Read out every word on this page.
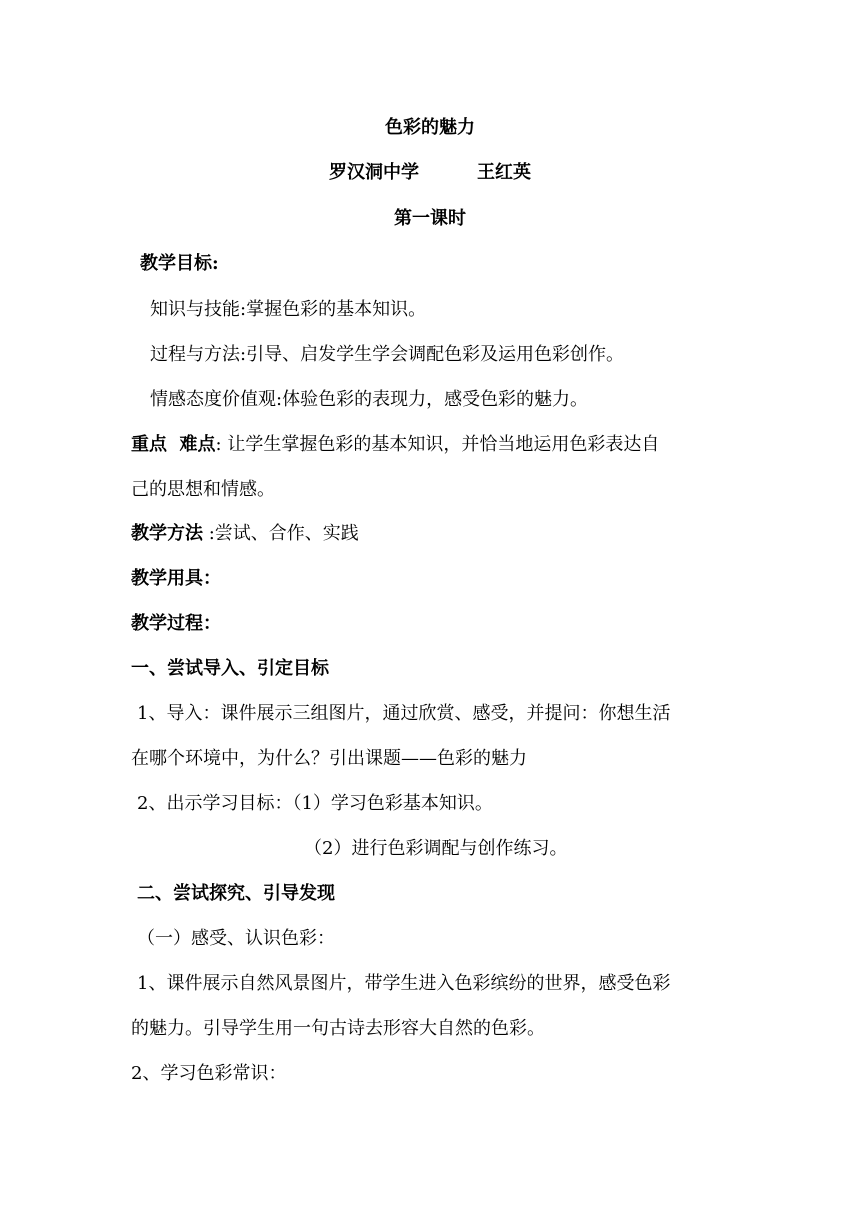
色彩的魅力
罗汉洞中学	王红英
第一课时
教学目标:
知识与技能:掌握色彩的基本知识。
过程与方法:引导、启发学生学会调配色彩及运用色彩创作。
情感态度价值观:体验色彩的表现力，感受色彩的魅力。
重点  难点: 让学生掌握色彩的基本知识，并恰当地运用色彩表达自
己的思想和情感。
教学方法 :尝试、合作、实践
教学用具：
教学过程：
一、尝试导入、引定目标
1、导入：课件展示三组图片，通过欣赏、感受，并提问：你想生活
在哪个环境中，为什么？引出课题——色彩的魅力
2、出示学习目标：（1）学习色彩基本知识。
（2）进行色彩调配与创作练习。
二、尝试探究、引导发现
（一）感受、认识色彩：
1、课件展示自然风景图片，带学生进入色彩缤纷的世界，感受色彩
的魅力。引导学生用一句古诗去形容大自然的色彩。
2、学习色彩常识：
